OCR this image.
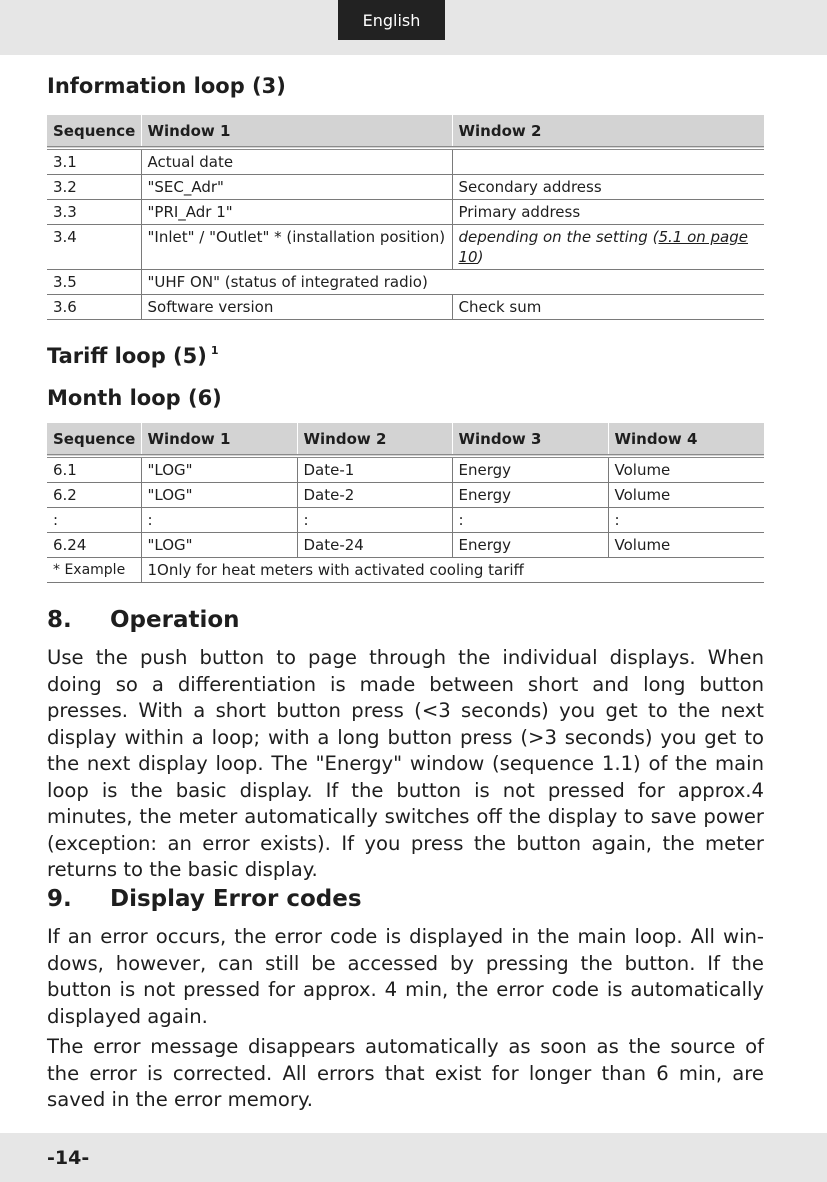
English
Information loop (3)
Sequence	Window 1	Window 2
3.1	Actual date	
3.2	"SEC_Adr"	Secondary address
3.3	"PRI_Adr 1"	Primary address
3.4	"Inlet" / "Outlet" * (installation position)	depending on the setting (5.1 on page 10)
3.5	"UHF ON" (status of integrated radio)	
3.6	Software version	Check sum
Tariff loop (5) $^1$
Month loop (6)
Sequence	Window 1	Window 2	Window 3	Window 4
6.1	"LOG"	Date-1	Energy	Volume
6.2	"LOG"	Date-2	Energy	Volume
:	:	:	:	:
6.24	"LOG"	Date-24	Energy	Volume
* Example	1Only for heat meters with activated cooling tariff			
8.	Operation

Use the push button to page through the individual displays. When doing so a differentiation is made between short and long button presses. With a short button press (<3 seconds) you get to the next display within a loop; with a long button press (>3 seconds) you get to the next display loop. The "Energy" window (sequence 1.1) of the main loop is the basic display. If the button is not pressed for approx.4 minutes, the meter automatically switches off the display to save power (exception: an error exists). If you press the button again, the meter returns to the basic display.

9.	Display Error codes

If an error occurs, the error code is displayed in the main loop. All win-dows, however, can still be accessed by pressing the button. If the button is not pressed for approx. 4 min, the error code is automatically displayed again.

The error message disappears automatically as soon as the source of the error is corrected. All errors that exist for longer than 6 min, are saved in the error memory.

-14-
